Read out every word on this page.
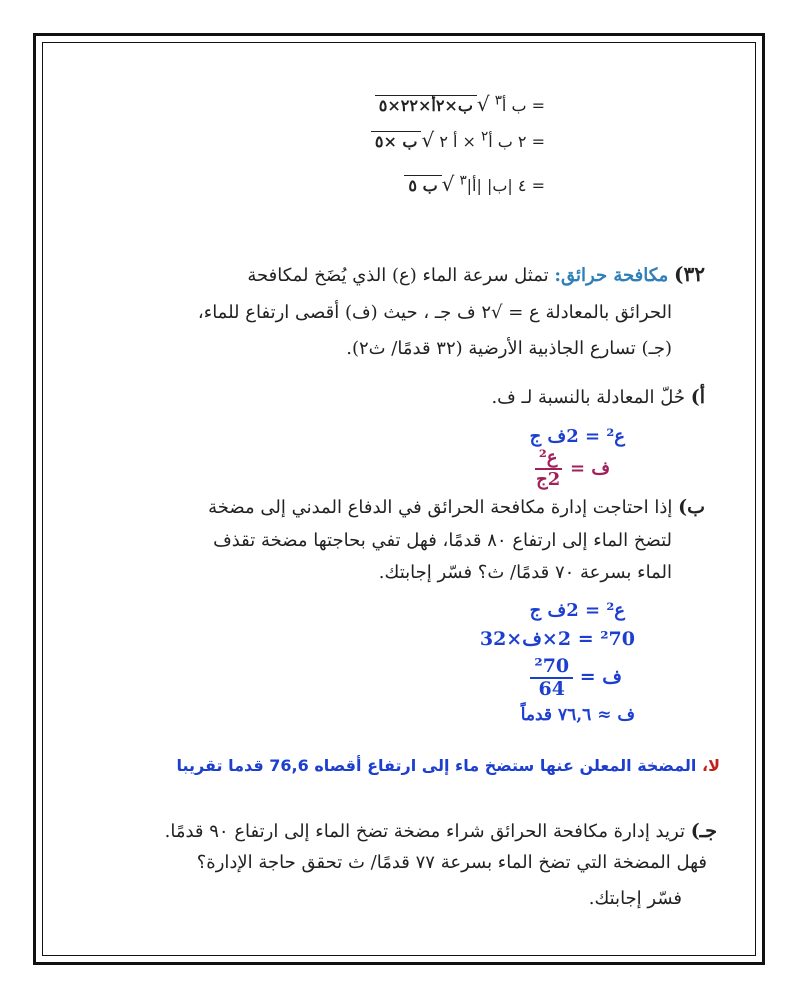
= ب أ$^٣$ √ب×٢أ×٢٢×٥
= ٢ ب أ$^٢$ × أ ٢ √ب ×٥
= ٤ |ب| $|أ|^٣$ √ب ٥
٣٢) مكافحة حرائق: تمثل سرعة الماء (ع) الذي يُضَخ لمكافحة
الحرائق بالمعادلة ع = √٢ ف جـ ، حيث (ف) أقصى ارتفاع للماء،
(جـ) تسارع الجاذبية الأرضية (٣٢ قدمًا/ ث٢).
أ) حُلّ المعادلة بالنسبة لـ ف.
ع² = 2ف ج
ف =
$\frac{\text{ع²}}{\text{2ج}}$
ب) إذا احتاجت إدارة مكافحة الحرائق في الدفاع المدني إلى مضخة
لتضخ الماء إلى ارتفاع ٨٠ قدمًا، فهل تفي بحاجتها مضخة تقذف
الماء بسرعة ٧٠ قدمًا/ ث؟ فسّر إجابتك.
ع² = 2ف ج
²70 = 2×ف×32
ف =
$\frac{\text{²70}}{64}$
ف ≈ ٧٦,٦ قدماً
لا، المضخة المعلن عنها ستضخ ماء إلى ارتفاع أقصاه 76,6 قدما تقريبا
جـ) تريد إدارة مكافحة الحرائق شراء مضخة تضخ الماء إلى ارتفاع ٩٠ قدمًا.
فهل المضخة التي تضخ الماء بسرعة ٧٧ قدمًا/ ث تحقق حاجة الإدارة؟
فسّر إجابتك.
